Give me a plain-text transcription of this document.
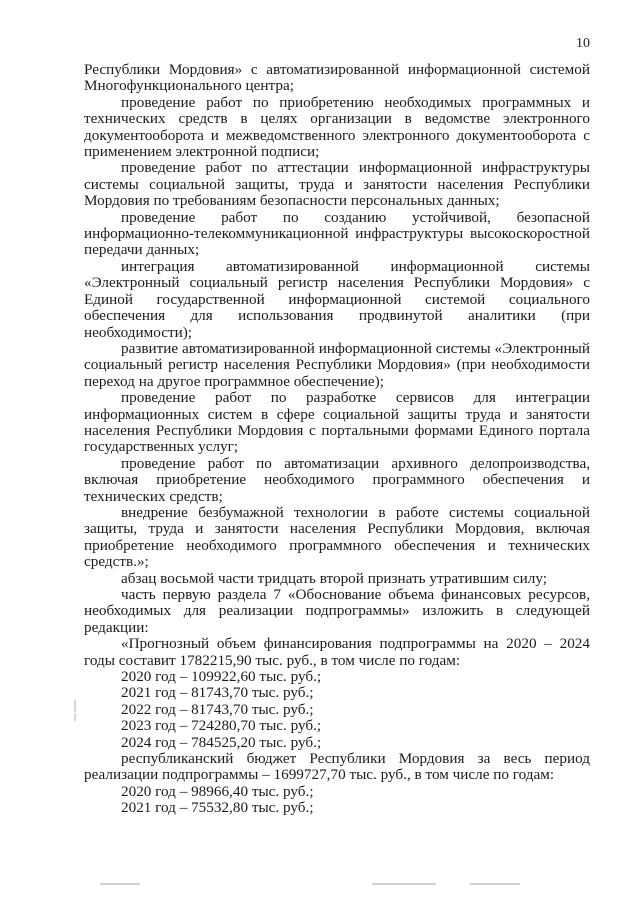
10

Республики Мордовия» с автоматизированной информационной системой Многофункционального центра;

проведение работ по приобретению необходимых программных и технических средств в целях организации в ведомстве электронного документооборота и межведомственного электронного документооборота с применением электронной подписи;

проведение работ по аттестации информационной инфраструктуры системы социальной защиты, труда и занятости населения Республики Мордовия по требованиям безопасности персональных данных;

проведение работ по созданию устойчивой, безопасной информационно-телекоммуникационной инфраструктуры высокоскоростной передачи данных;

интеграция автоматизированной информационной системы «Электронный социальный регистр населения Республики Мордовия» с Единой государственной информационной системой социального обеспечения для использования продвинутой аналитики (при необходимости);

развитие автоматизированной информационной системы «Электронный социальный регистр населения Республики Мордовия» (при необходимости переход на другое программное обеспечение);

проведение работ по разработке сервисов для интеграции информационных систем в сфере социальной защиты труда и занятости населения Республики Мордовия с портальными формами Единого портала государственных услуг;

проведение работ по автоматизации архивного делопроизводства, включая приобретение необходимого программного обеспечения и технических средств;

внедрение безбумажной технологии в работе системы социальной защиты, труда и занятости населения Республики Мордовия, включая приобретение необходимого программного обеспечения и технических средств.»;

абзац восьмой части тридцать второй признать утратившим силу;

часть первую раздела 7 «Обоснование объема финансовых ресурсов, необходимых для реализации подпрограммы» изложить в следующей редакции:

«Прогнозный объем финансирования подпрограммы на 2020 – 2024 годы составит 1782215,90 тыс. руб., в том числе по годам:

2020 год – 109922,60 тыс. руб.;

2021 год – 81743,70 тыс. руб.;

2022 год – 81743,70 тыс. руб.;

2023 год – 724280,70 тыс. руб.;

2024 год – 784525,20 тыс. руб.;

республиканский бюджет Республики Мордовия за весь период реализации подпрограммы – 1699727,70 тыс. руб., в том числе по годам:

2020 год – 98966,40 тыс. руб.;

2021 год – 75532,80 тыс. руб.;
